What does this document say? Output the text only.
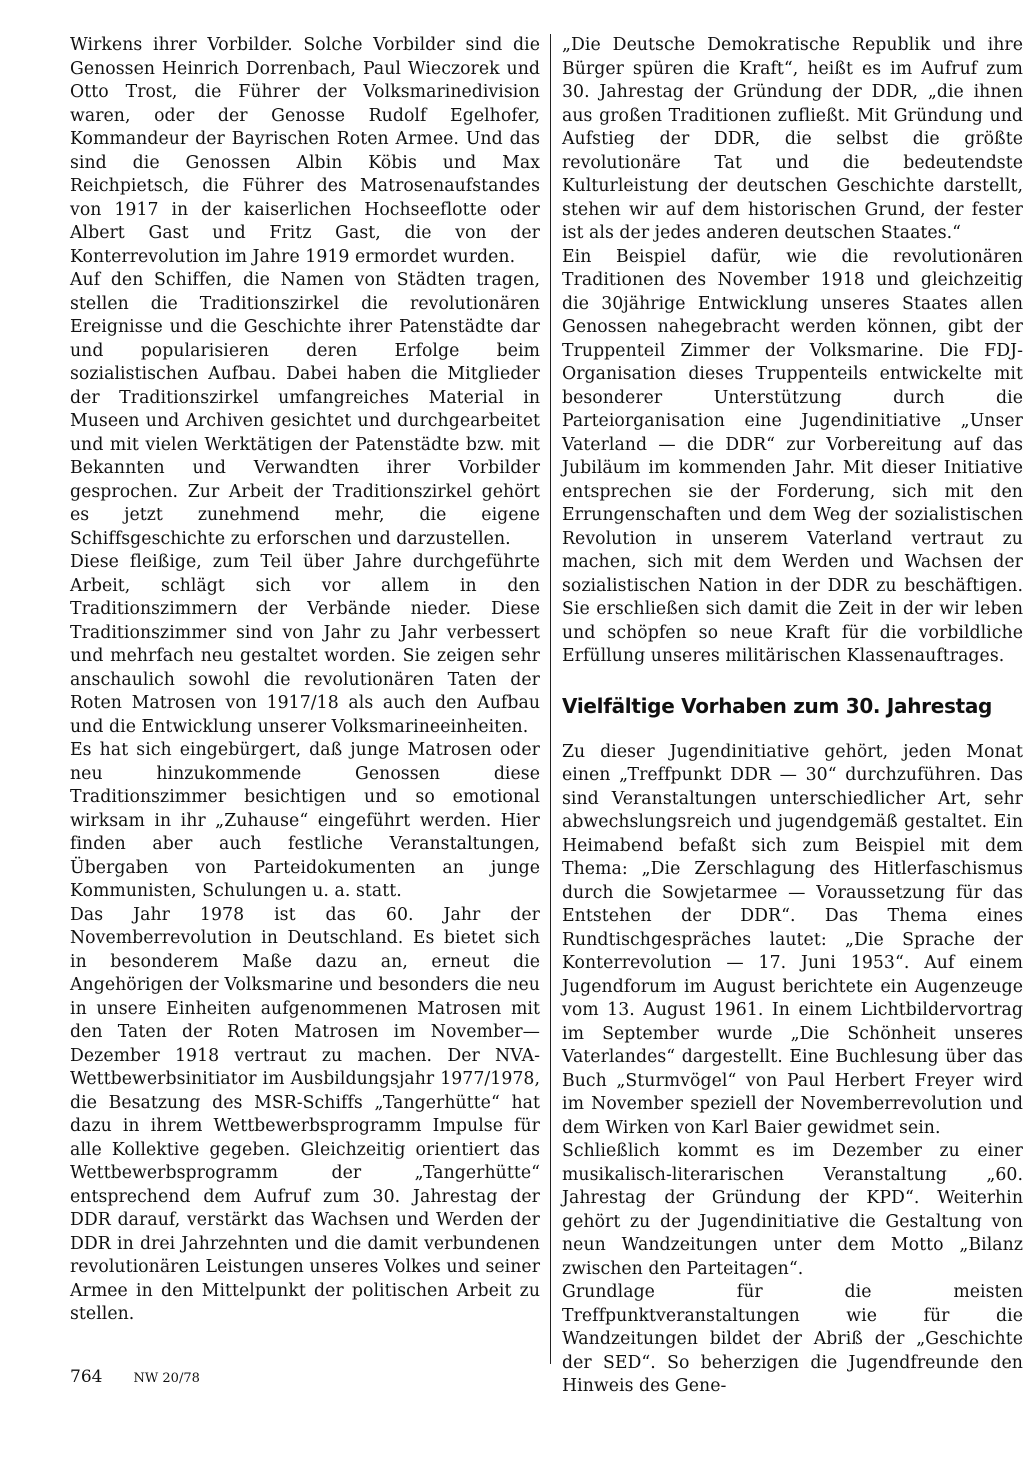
Wirkens ihrer Vorbilder. Solche Vorbilder sind die Genossen Heinrich Dorrenbach, Paul Wieczorek und Otto Trost, die Führer der Volksmarinedivision waren, oder der Genosse Rudolf Egelhofer, Kommandeur der Bayrischen Roten Armee. Und das sind die Genossen Albin Köbis und Max Reichpietsch, die Führer des Matrosenaufstandes von 1917 in der kaiserlichen Hochseeflotte oder Albert Gast und Fritz Gast, die von der Konterrevolution im Jahre 1919 ermordet wurden.

Auf den Schiffen, die Namen von Städten tragen, stellen die Traditionszirkel die revolutionären Ereignisse und die Geschichte ihrer Patenstädte dar und popularisieren deren Erfolge beim sozialistischen Aufbau. Dabei haben die Mitglieder der Traditionszirkel umfangreiches Material in Museen und Archiven gesichtet und durchgearbeitet und mit vielen Werktätigen der Patenstädte bzw. mit Bekannten und Verwandten ihrer Vorbilder gesprochen. Zur Arbeit der Traditionszirkel gehört es jetzt zunehmend mehr, die eigene Schiffsgeschichte zu erforschen und darzustellen.

Diese fleißige, zum Teil über Jahre durchgeführte Arbeit, schlägt sich vor allem in den Traditionszimmern der Verbände nieder. Diese Traditionszimmer sind von Jahr zu Jahr verbessert und mehrfach neu gestaltet worden. Sie zeigen sehr anschaulich sowohl die revolutionären Taten der Roten Matrosen von 1917/18 als auch den Aufbau und die Entwicklung unserer Volksmarineeinheiten.

Es hat sich eingebürgert, daß junge Matrosen oder neu hinzukommende Genossen diese Traditionszimmer besichtigen und so emotional wirksam in ihr „Zuhause“ eingeführt werden. Hier finden aber auch festliche Veranstaltungen, Übergaben von Parteidokumenten an junge Kommunisten, Schulungen u. a. statt.

Das Jahr 1978 ist das 60. Jahr der Novemberrevolution in Deutschland. Es bietet sich in besonderem Maße dazu an, erneut die Angehörigen der Volksmarine und besonders die neu in unsere Einheiten aufgenommenen Matrosen mit den Taten der Roten Matrosen im November—Dezember 1918 vertraut zu machen. Der NVA-Wettbewerbsinitiator im Ausbildungsjahr 1977/1978, die Besatzung des MSR-Schiffs „Tangerhütte“ hat dazu in ihrem Wettbewerbsprogramm Impulse für alle Kollektive gegeben. Gleichzeitig orientiert das Wettbewerbsprogramm der „Tangerhütte“ entsprechend dem Aufruf zum 30. Jahrestag der DDR darauf, verstärkt das Wachsen und Werden der DDR in drei Jahrzehnten und die damit verbundenen revolutionären Leistungen unseres Volkes und seiner Armee in den Mittelpunkt der politischen Arbeit zu stellen.

„Die Deutsche Demokratische Republik und ihre Bürger spüren die Kraft“, heißt es im Aufruf zum 30. Jahrestag der Gründung der DDR, „die ihnen aus großen Traditionen zufließt. Mit Gründung und Aufstieg der DDR, die selbst die größte revolutionäre Tat und die bedeutendste Kulturleistung der deutschen Geschichte darstellt, stehen wir auf dem historischen Grund, der fester ist als der jedes anderen deutschen Staates.“

Ein Beispiel dafür, wie die revolutionären Traditionen des November 1918 und gleichzeitig die 30jährige Entwicklung unseres Staates allen Genossen nahegebracht werden können, gibt der Truppenteil Zimmer der Volksmarine. Die FDJ-Organisation dieses Truppenteils entwickelte mit besonderer Unterstützung durch die Parteiorganisation eine Jugendinitiative „Unser Vaterland — die DDR“ zur Vorbereitung auf das Jubiläum im kommenden Jahr. Mit dieser Initiative entsprechen sie der Forderung, sich mit den Errungenschaften und dem Weg der sozialistischen Revolution in unserem Vaterland vertraut zu machen, sich mit dem Werden und Wachsen der sozialistischen Nation in der DDR zu beschäftigen. Sie erschließen sich damit die Zeit in der wir leben und schöpfen so neue Kraft für die vorbildliche Erfüllung unseres militärischen Klassenauftrages.

Vielfältige Vorhaben zum 30. Jahrestag

Zu dieser Jugendinitiative gehört, jeden Monat einen „Treffpunkt DDR — 30“ durchzuführen. Das sind Veranstaltungen unterschiedlicher Art, sehr abwechslungsreich und jugendgemäß gestaltet. Ein Heimabend befaßt sich zum Beispiel mit dem Thema: „Die Zerschlagung des Hitlerfaschismus durch die Sowjetarmee — Voraussetzung für das Entstehen der DDR“. Das Thema eines Rundtischgespräches lautet: „Die Sprache der Konterrevolution — 17. Juni 1953“. Auf einem Jugendforum im August berichtete ein Augenzeuge vom 13. August 1961. In einem Lichtbildervortrag im September wurde „Die Schönheit unseres Vaterlandes“ dargestellt. Eine Buchlesung über das Buch „Sturmvögel“ von Paul Herbert Freyer wird im November speziell der Novemberrevolution und dem Wirken von Karl Baier gewidmet sein.

Schließlich kommt es im Dezember zu einer musikalisch-literarischen Veranstaltung „60. Jahrestag der Gründung der KPD“. Weiterhin gehört zu der Jugendinitiative die Gestaltung von neun Wandzeitungen unter dem Motto „Bilanz zwischen den Parteitagen“.

Grundlage für die meisten Treffpunktveranstaltungen wie für die Wandzeitungen bildet der Abriß der „Geschichte der SED“. So beherzigen die Jugendfreunde den Hinweis des Gene-

764 NW 20/78
